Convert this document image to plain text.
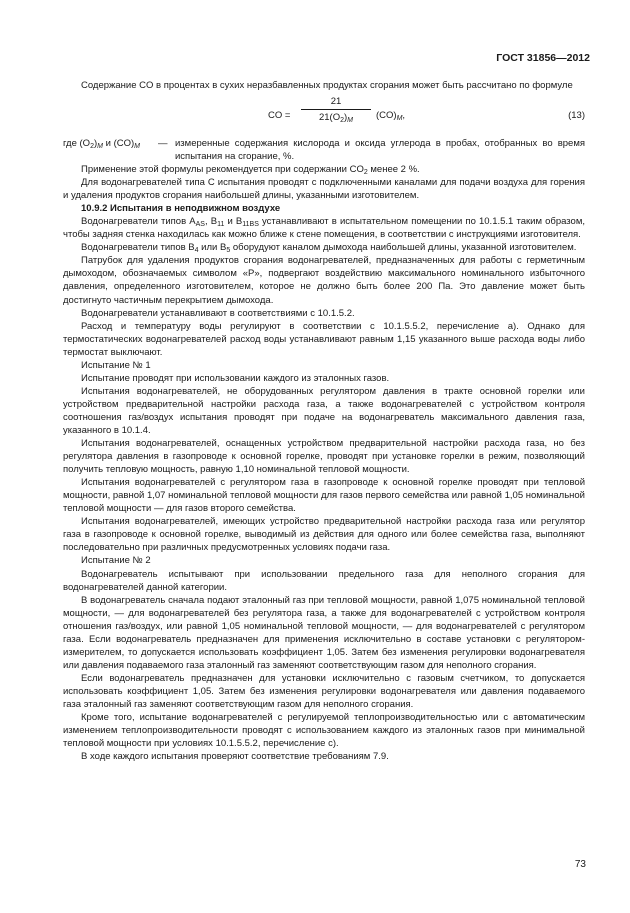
ГОСТ 31856—2012

Содержание CO в процентах в сухих неразбавленных продуктах сгорания может быть рассчитано по формуле

CO = $\frac{21}{21(O_2)_M} (CO)_M$,	(13)
где $(O_2)_M$ и $(CO)_M$ — измеренные содержания кислорода и оксида углерода в пробах, отобранных во время испытания на сгорание, %.

Применение этой формулы рекомендуется при содержании $CO_2$ менее 2 %.

Для водонагревателей типа C испытания проводят с подключенными каналами для подачи воздуха для горения и удаления продуктов сгорания наибольшей длины, указанными изготовителем.

10.9.2 Испытания в неподвижном воздухе

Водонагреватели типов $A_{AS}$, $B_{11}$ и $B_{11BS}$ устанавливают в испытательном помещении по 10.1.5.1 таким образом, чтобы задняя стенка находилась как можно ближе к стене помещения, в соответствии с инструкциями изготовителя.

Водонагреватели типов $B_4$ или $B_5$ оборудуют каналом дымохода наибольшей длины, указанной изготовителем.

Патрубок для удаления продуктов сгорания водонагревателей, предназначенных для работы с герметичным дымоходом, обозначаемых символом «P», подвергают воздействию максимального номинального избыточного давления, определенного изготовителем, которое не должно быть более 200 Па. Это давление может быть достигнуто частичным перекрытием дымохода.

Водонагреватели устанавливают в соответствиями с 10.1.5.2.

Расход и температуру воды регулируют в соответствии с 10.1.5.5.2, перечисление а). Однако для термостатических водонагревателей расход воды устанавливают равным 1,15 указанного выше расхода воды либо термостат выключают.

Испытание № 1

Испытание проводят при использовании каждого из эталонных газов.

Испытания водонагревателей, не оборудованных регулятором давления в тракте основной горелки или устройством предварительной настройки расхода газа, а также водонагревателей с устройством контроля соотношения газ/воздух испытания проводят при подаче на водонагреватель максимального давления газа, указанного в 10.1.4.

Испытания водонагревателей, оснащенных устройством предварительной настройки расхода газа, но без регулятора давления в газопроводе к основной горелке, проводят при установке горелки в режим, позволяющий получить тепловую мощность, равную 1,10 номинальной тепловой мощности.

Испытания водонагревателей с регулятором газа в газопроводе к основной горелке проводят при тепловой мощности, равной 1,07 номинальной тепловой мощности для газов первого семейства или равной 1,05 номинальной тепловой мощности — для газов второго семейства.

Испытания водонагревателей, имеющих устройство предварительной настройки расхода газа или регулятор газа в газопроводе к основной горелке, выводимый из действия для одного или более семейства газа, выполняют последовательно при различных предусмотренных условиях подачи газа.

Испытание № 2

Водонагреватель испытывают при использовании предельного газа для неполного сгорания для водонагревателей данной категории.

В водонагреватель сначала подают эталонный газ при тепловой мощности, равной 1,075 номинальной тепловой мощности, — для водонагревателей без регулятора газа, а также для водонагревателей с устройством контроля отношения газ/воздух, или равной 1,05 номинальной тепловой мощности, — для водонагревателей с регулятором газа. Если водонагреватель предназначен для применения исключительно в составе установки с регулятором-измерителем, то допускается использовать коэффициент 1,05. Затем без изменения регулировки водонагревателя или давления подаваемого газа эталонный газ заменяют соответствующим газом для неполного сгорания.

Если водонагреватель предназначен для установки исключительно с газовым счетчиком, то допускается использовать коэффициент 1,05. Затем без изменения регулировки водонагревателя или давления подаваемого газа эталонный газ заменяют соответствующим газом для неполного сгорания.

Кроме того, испытание водонагревателей с регулируемой теплопроизводительностью или с автоматическим изменением теплопроизводительности проводят с использованием каждого из эталонных газов при минимальной тепловой мощности при условиях 10.1.5.5.2, перечисление с).

В ходе каждого испытания проверяют соответствие требованиям 7.9.

73
